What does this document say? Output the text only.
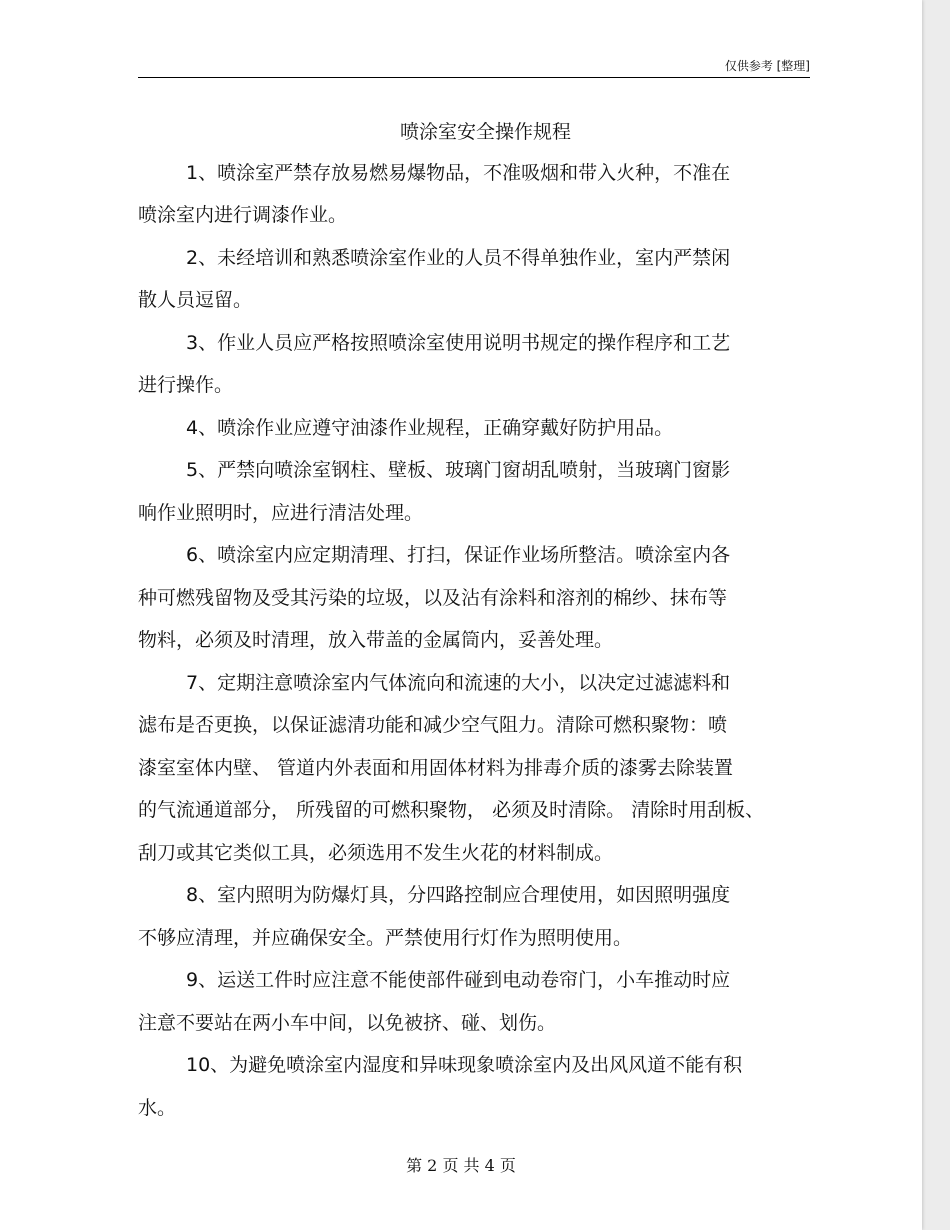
仅供参考 [整理]
喷涂室安全操作规程
1、喷涂室严禁存放易燃易爆物品，不准吸烟和带入火种，不准在
喷涂室内进行调漆作业。
2、未经培训和熟悉喷涂室作业的人员不得单独作业，室内严禁闲
散人员逗留。
3、作业人员应严格按照喷涂室使用说明书规定的操作程序和工艺
进行操作。
4、喷涂作业应遵守油漆作业规程，正确穿戴好防护用品。
5、严禁向喷涂室钢柱、壁板、玻璃门窗胡乱喷射，当玻璃门窗影
响作业照明时，应进行清洁处理。
6、喷涂室内应定期清理、打扫，保证作业场所整洁。喷涂室内各
种可燃残留物及受其污染的垃圾，以及沾有涂料和溶剂的棉纱、抹布等
物料，必须及时清理，放入带盖的金属筒内，妥善处理。
7、定期注意喷涂室内气体流向和流速的大小，以决定过滤滤料和
滤布是否更换，以保证滤清功能和减少空气阻力。清除可燃积聚物：喷
漆室室体内壁、 管道内外表面和用固体材料为排毒介质的漆雾去除装置
的气流通道部分， 所残留的可燃积聚物， 必须及时清除。 清除时用刮板、
刮刀或其它类似工具，必须选用不发生火花的材料制成。
8、室内照明为防爆灯具，分四路控制应合理使用，如因照明强度
不够应清理，并应确保安全。严禁使用行灯作为照明使用。
9、运送工件时应注意不能使部件碰到电动卷帘门，小车推动时应
注意不要站在两小车中间，以免被挤、碰、划伤。
10、为避免喷涂室内湿度和异味现象喷涂室内及出风风道不能有积
水。
第 2 页 共 4 页
